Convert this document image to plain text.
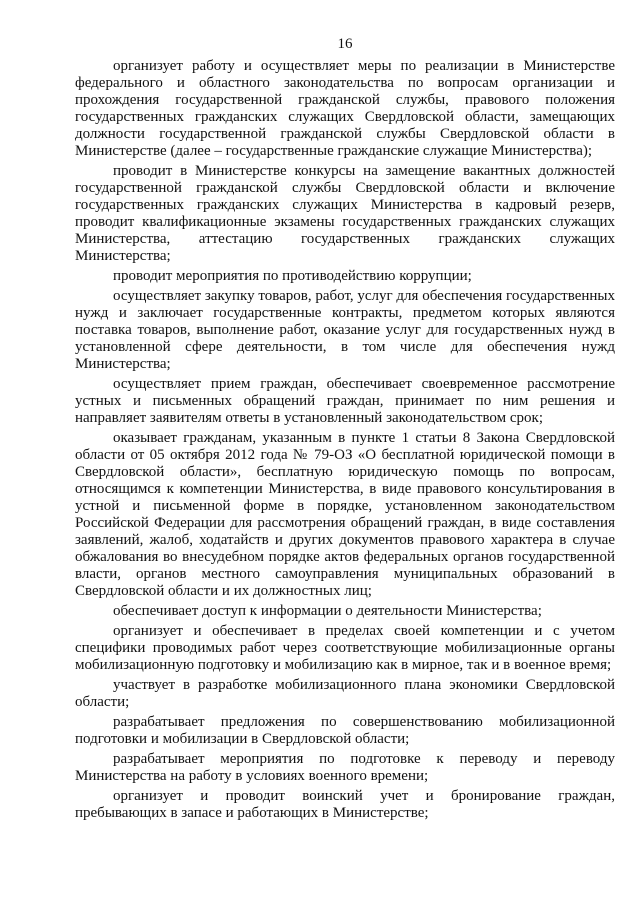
16

организует работу и осуществляет меры по реализации в Министерстве федерального и областного законодательства по вопросам организации и прохождения государственной гражданской службы, правового положения государственных гражданских служащих Свердловской области, замещающих должности государственной гражданской службы Свердловской области в Министерстве (далее – государственные гражданские служащие Министерства);

проводит в Министерстве конкурсы на замещение вакантных должностей государственной гражданской службы Свердловской области и включение государственных гражданских служащих Министерства в кадровый резерв, проводит квалификационные экзамены государственных гражданских служащих Министерства, аттестацию государственных гражданских служащих Министерства;

проводит мероприятия по противодействию коррупции;

осуществляет закупку товаров, работ, услуг для обеспечения государственных нужд и заключает государственные контракты, предметом которых являются поставка товаров, выполнение работ, оказание услуг для государственных нужд в установленной сфере деятельности, в том числе для обеспечения нужд Министерства;

осуществляет прием граждан, обеспечивает своевременное рассмотрение устных и письменных обращений граждан, принимает по ним решения и направляет заявителям ответы в установленный законодательством срок;

оказывает гражданам, указанным в пункте 1 статьи 8 Закона Свердловской области от 05 октября 2012 года № 79-ОЗ «О бесплатной юридической помощи в Свердловской области», бесплатную юридическую помощь по вопросам, относящимся к компетенции Министерства, в виде правового консультирования в устной и письменной форме в порядке, установленном законодательством Российской Федерации для рассмотрения обращений граждан, в виде составления заявлений, жалоб, ходатайств и других документов правового характера в случае обжалования во внесудебном порядке актов федеральных органов государственной власти, органов местного самоуправления муниципальных образований в Свердловской области и их должностных лиц;

обеспечивает доступ к информации о деятельности Министерства;

организует и обеспечивает в пределах своей компетенции и с учетом специфики проводимых работ через соответствующие мобилизационные органы мобилизационную подготовку и мобилизацию как в мирное, так и в военное время;

участвует в разработке мобилизационного плана экономики Свердловской области;

разрабатывает предложения по совершенствованию мобилизационной подготовки и мобилизации в Свердловской области;

разрабатывает мероприятия по подготовке к переводу и переводу Министерства на работу в условиях военного времени;

организует и проводит воинский учет и бронирование граждан, пребывающих в запасе и работающих в Министерстве;
